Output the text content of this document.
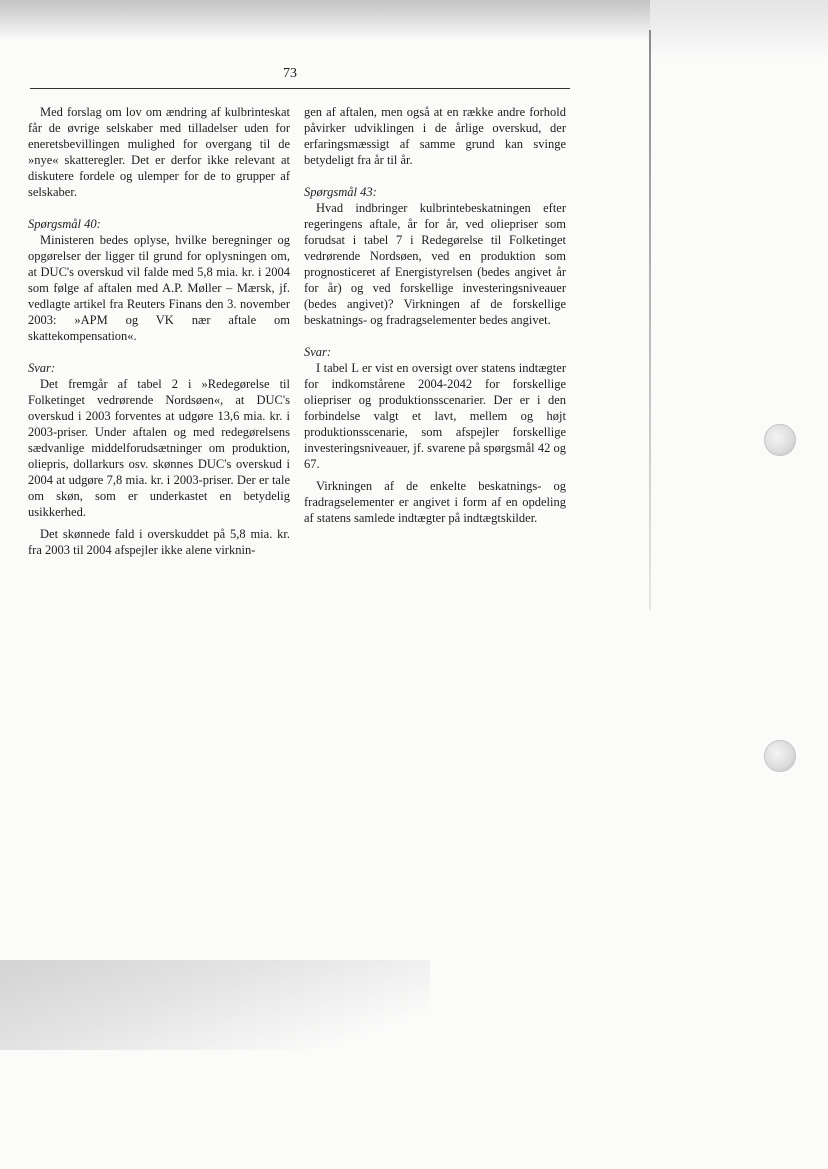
73

Med forslag om lov om ændring af kulbrinteskat får de øvrige selskaber med tilladelser uden for eneretsbevillingen mulighed for overgang til de »nye« skatteregler. Det er derfor ikke relevant at diskutere fordele og ulemper for de to grupper af selskaber.

Spørgsmål 40:

Ministeren bedes oplyse, hvilke beregninger og opgørelser der ligger til grund for oplysningen om, at DUC's overskud vil falde med 5,8 mia. kr. i 2004 som følge af aftalen med A.P. Møller – Mærsk, jf. vedlagte artikel fra Reuters Finans den 3. november 2003: »APM og VK nær aftale om skattekompensation«.

Svar:

Det fremgår af tabel 2 i »Redegørelse til Folketinget vedrørende Nordsøen«, at DUC's overskud i 2003 forventes at udgøre 13,6 mia. kr. i 2003-priser. Under aftalen og med redegørelsens sædvanlige middelforudsætninger om produktion, oliepris, dollarkurs osv. skønnes DUC's overskud i 2004 at udgøre 7,8 mia. kr. i 2003-priser. Der er tale om skøn, som er underkastet en betydelig usikkerhed.

Det skønnede fald i overskuddet på 5,8 mia. kr. fra 2003 til 2004 afspejler ikke alene virknin-

gen af aftalen, men også at en række andre forhold påvirker udviklingen i de årlige overskud, der erfaringsmæssigt af samme grund kan svinge betydeligt fra år til år.

Spørgsmål 43:

Hvad indbringer kulbrintebeskatningen efter regeringens aftale, år for år, ved oliepriser som forudsat i tabel 7 i Redegørelse til Folketinget vedrørende Nordsøen, ved en produktion som prognosticeret af Energistyrelsen (bedes angivet år for år) og ved forskellige investeringsniveauer (bedes angivet)? Virkningen af de forskellige beskatnings- og fradragselementer bedes angivet.

Svar:

I tabel L er vist en oversigt over statens indtægter for indkomstårene 2004-2042 for forskellige oliepriser og produktionsscenarier. Der er i den forbindelse valgt et lavt, mellem og højt produktionsscenarie, som afspejler forskellige investeringsniveauer, jf. svarene på spørgsmål 42 og 67.

Virkningen af de enkelte beskatnings- og fradragselementer er angivet i form af en opdeling af statens samlede indtægter på indtægtskilder.
